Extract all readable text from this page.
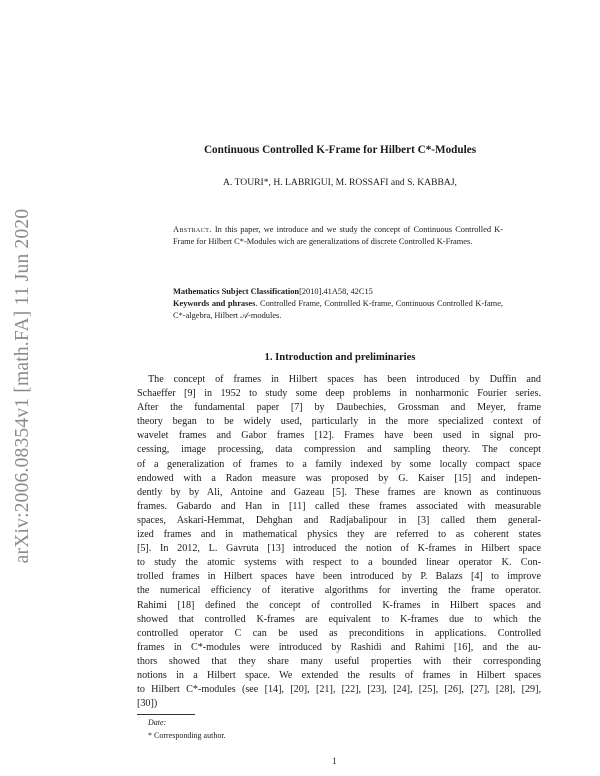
arXiv:2006.08354v1 [math.FA] 11 Jun 2020
Continuous Controlled K-Frame for Hilbert C*-Modules
A. TOURI*, H. LABRIGUI, M. ROSSAFI and S. KABBAJ,
Abstract. In this paper, we introduce and we study the concept of Continuous Controlled K-Frame for Hilbert C*-Modules wich are generalizations of discrete Controlled K-Frames.
Mathematics Subject Classification[2010].41A58, 42C15
Keywords and phrases. Controlled Frame, Controlled K-frame, Continuous Controlled K-fame, C*-algebra, Hilbert 𝒜-modules.
1. Introduction and preliminaries
The concept of frames in Hilbert spaces has been introduced by Duffin and
Schaeffer [9] in 1952 to study some deep problems in nonharmonic Fourier series.
After the fundamental paper [7] by Daubechies, Grossman and Meyer, frame
theory began to be widely used, particularly in the more specialized context of
wavelet frames and Gabor frames [12]. Frames have been used in signal pro-
cessing, image processing, data compression and sampling theory. The concept
of a generalization of frames to a family indexed by some locally compact space
endowed with a Radon measure was proposed by G. Kaiser [15] and indepen-
dently by by Ali, Antoine and Gazeau [5]. These frames are known as continuous
frames. Gabardo and Han in [11] called these frames associated with measurable
spaces, Askari-Hemmat, Dehghan and Radjabalipour in [3] called them general-
ized frames and in mathematical physics they are referred to as coherent states
[5]. In 2012, L. Gavruta [13] introduced the notion of K-frames in Hilbert space
to study the atomic systems with respect to a bounded linear operator K. Con-
trolled frames in Hilbert spaces have been introduced by P. Balazs [4] to improve
the numerical efficiency of iterative algorithms for inverting the frame operator.
Rahimi [18] defined the concept of controlled K-frames in Hilbert spaces and
showed that controlled K-frames are equivalent to K-frames due to which the
controlled operator C can be used as preconditions in applications. Controlled
frames in C*-modules were introduced by Rashidi and Rahimi [16], and the au-
thors showed that they share many useful properties with their corresponding
notions in a Hilbert space. We extended the results of frames in Hilbert spaces
to Hilbert C*-modules (see [14], [20], [21], [22], [23], [24], [25], [26], [27], [28], [29],
[30])
Date:
* Corresponding author.
1
